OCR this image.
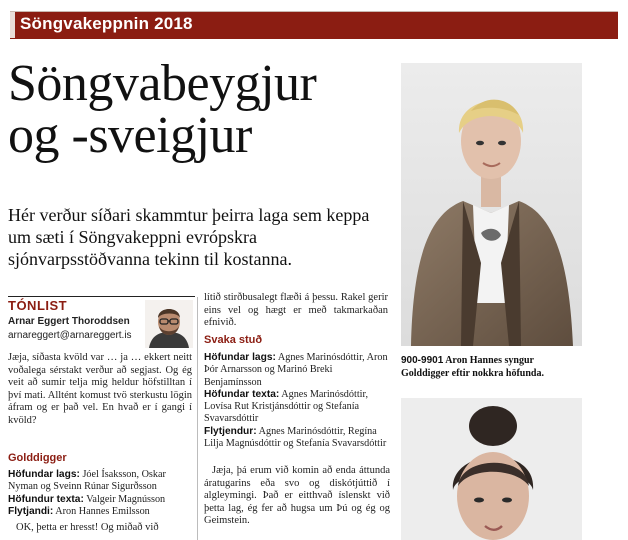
Söngvakeppnin 2018
Söngvabeygjur
og -sveigjur
Hér verður síðari skammtur þeirra laga sem keppa um sæti í Söngvakeppni evrópskra sjónvarpsstöðvanna tekinn til kostanna.
TÓNLIST
Arnar Eggert Thoroddsen
arnareggert@arnareggert.is

Jæja, síðasta kvöld var … ja … ekkert neitt voðalega sérstakt verður að segjast. Og ég veit að sumir telja mig heldur höfstilltan í því mati. Alltént komust tvö sterkustu lögin áfram og er það vel. En hvað er í gangi í kvöld?

Golddigger
Höfundar lags: Jóel Ísaksson, Oskar Nyman og Sveinn Rúnar Sigurðsson
Höfundur texta: Valgeir Magnússon
Flytjandi: Aron Hannes Emilsson
OK, þetta er hresst! Og miðað við
lítið stirðbusalegt flæði á þessu. Rakel gerir eins vel og hægt er með takmarkaðan efnivið.
Svaka stuð
Höfundar lags: Agnes Marinósdóttir, Aron Þór Arnarsson og Marinó Breki Benjamínsson
Höfundar texta: Agnes Marinósdóttir, Lovísa Rut Kristjánsdóttir og Stefanía Svavarsdóttir
Flytjendur: Agnes Marinósdóttir, Regína Lilja Magnúsdóttir og Stefanía Svavarsdóttir
Jæja, þá erum við komin að enda áttunda áratugarins eða svo og diskótjúttið í algleymingi. Það er eitthvað íslenskt við þetta lag, ég fer að hugsa um Þú og ég og Geimstein.
900-9901 Aron Hannes syngur Golddigger eftir nokkra höfunda.
